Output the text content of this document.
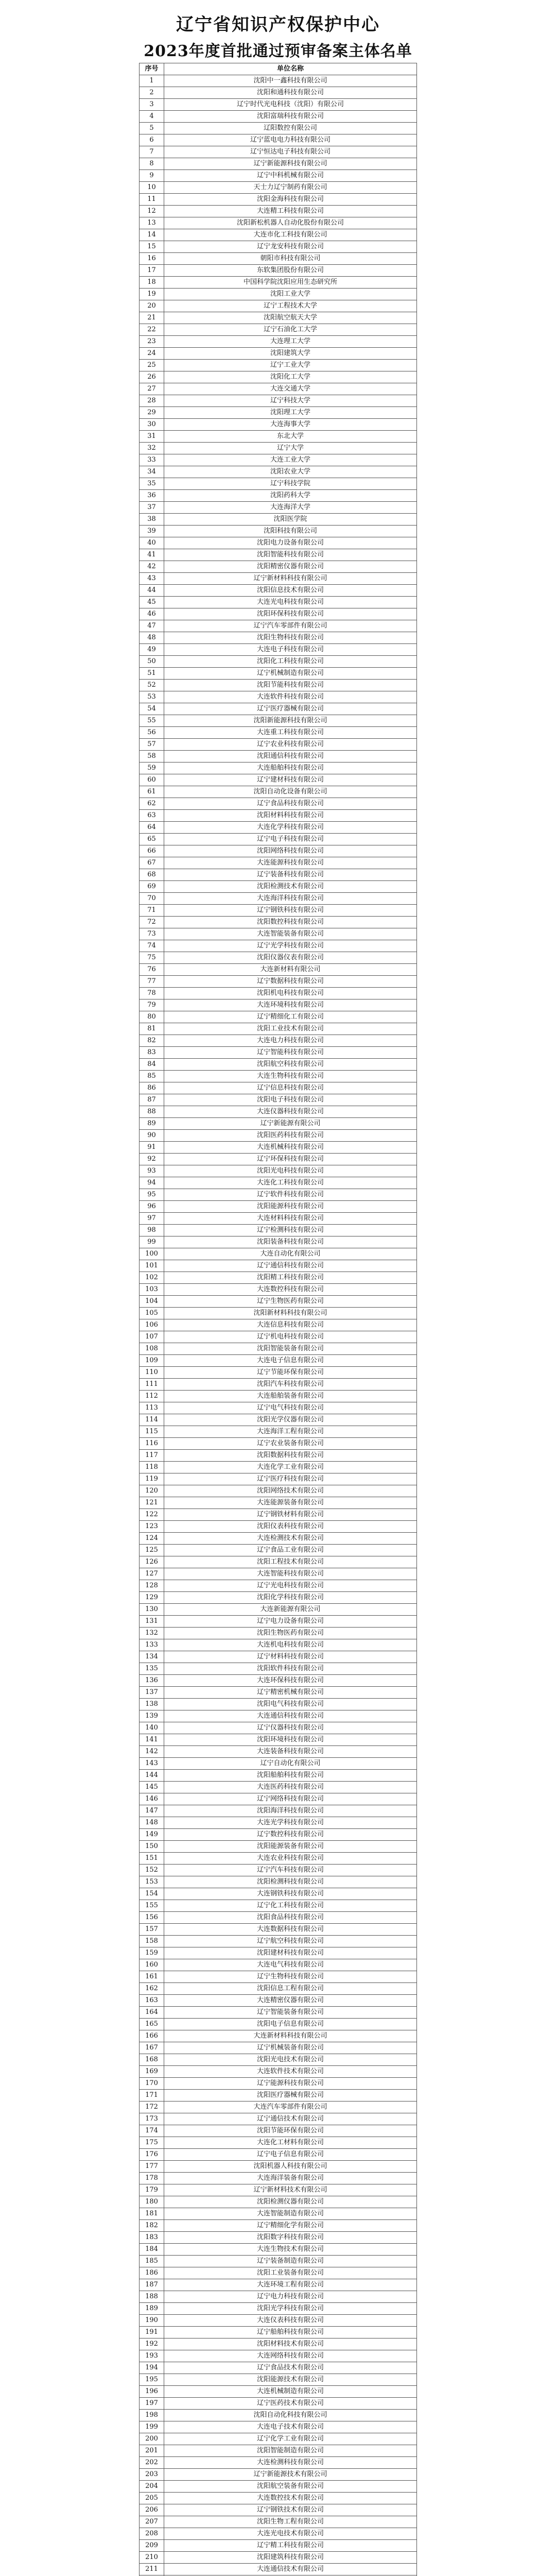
辽宁省知识产权保护中心
2023年度首批通过预审备案主体名单
序号	单位名称
1	沈阳中一鑫科技有限公司
2	沈阳和通科技有限公司
3	辽宁时代光电科技（沈阳）有限公司
4	沈阳富瑞科技有限公司
5	辽阳数控有限公司
6	辽宁蓝电电力科技有限公司
7	辽宁恒达电子科技有限公司
8	辽宁新能源科技有限公司
9	辽宁中科机械有限公司
10	天士力辽宁制药有限公司
11	沈阳金海科技有限公司
12	大连精工科技有限公司
13	沈阳新松机器人自动化股份有限公司
14	大连市化工科技有限公司
15	辽宁龙安科技有限公司
16	朝阳市科技有限公司
17	东软集团股份有限公司
18	中国科学院沈阳应用生态研究所
19	沈阳工业大学
20	辽宁工程技术大学
21	沈阳航空航天大学
22	辽宁石油化工大学
23	大连理工大学
24	沈阳建筑大学
25	辽宁工业大学
26	沈阳化工大学
27	大连交通大学
28	辽宁科技大学
29	沈阳理工大学
30	大连海事大学
31	东北大学
32	辽宁大学
33	大连工业大学
34	沈阳农业大学
35	辽宁科技学院
36	沈阳药科大学
37	大连海洋大学
38	沈阳医学院
39	沈阳科技有限公司
40	沈阳电力设备有限公司
41	沈阳智能科技有限公司
42	沈阳精密仪器有限公司
43	辽宁新材料科技有限公司
44	沈阳信息技术有限公司
45	大连光电科技有限公司
46	沈阳环保科技有限公司
47	辽宁汽车零部件有限公司
48	沈阳生物科技有限公司
49	大连电子科技有限公司
50	沈阳化工科技有限公司
51	辽宁机械制造有限公司
52	沈阳节能科技有限公司
53	大连软件科技有限公司
54	辽宁医疗器械有限公司
55	沈阳新能源科技有限公司
56	大连重工科技有限公司
57	辽宁农业科技有限公司
58	沈阳通信科技有限公司
59	大连船舶科技有限公司
60	辽宁建材科技有限公司
61	沈阳自动化设备有限公司
62	辽宁食品科技有限公司
63	沈阳材料科技有限公司
64	大连化学科技有限公司
65	辽宁电子科技有限公司
66	沈阳网络科技有限公司
67	大连能源科技有限公司
68	辽宁装备科技有限公司
69	沈阳检测技术有限公司
70	大连海洋科技有限公司
71	辽宁钢铁科技有限公司
72	沈阳数控科技有限公司
73	大连智能装备有限公司
74	辽宁光学科技有限公司
75	沈阳仪器仪表有限公司
76	大连新材料有限公司
77	辽宁数据科技有限公司
78	沈阳机电科技有限公司
79	大连环境科技有限公司
80	辽宁精细化工有限公司
81	沈阳工业技术有限公司
82	大连电力科技有限公司
83	辽宁智能科技有限公司
84	沈阳航空科技有限公司
85	大连生物科技有限公司
86	辽宁信息科技有限公司
87	沈阳电子科技有限公司
88	大连仪器科技有限公司
89	辽宁新能源有限公司
90	沈阳医药科技有限公司
91	大连机械科技有限公司
92	辽宁环保科技有限公司
93	沈阳光电科技有限公司
94	大连化工科技有限公司
95	辽宁软件科技有限公司
96	沈阳能源科技有限公司
97	大连材料科技有限公司
98	辽宁检测科技有限公司
99	沈阳装备科技有限公司
100	大连自动化有限公司
101	辽宁通信科技有限公司
102	沈阳精工科技有限公司
103	大连数控科技有限公司
104	辽宁生物医药有限公司
105	沈阳新材料科技有限公司
106	大连信息科技有限公司
107	辽宁机电科技有限公司
108	沈阳智能装备有限公司
109	大连电子信息有限公司
110	辽宁节能环保有限公司
111	沈阳汽车科技有限公司
112	大连船舶装备有限公司
113	辽宁电气科技有限公司
114	沈阳光学仪器有限公司
115	大连海洋工程有限公司
116	辽宁农业装备有限公司
117	沈阳数据科技有限公司
118	大连化学工业有限公司
119	辽宁医疗科技有限公司
120	沈阳网络技术有限公司
121	大连能源装备有限公司
122	辽宁钢铁材料有限公司
123	沈阳仪表科技有限公司
124	大连检测技术有限公司
125	辽宁食品工业有限公司
126	沈阳工程技术有限公司
127	大连智能科技有限公司
128	辽宁光电科技有限公司
129	沈阳化学科技有限公司
130	大连新能源有限公司
131	辽宁电力设备有限公司
132	沈阳生物医药有限公司
133	大连机电科技有限公司
134	辽宁材料科技有限公司
135	沈阳软件科技有限公司
136	大连环保科技有限公司
137	辽宁精密机械有限公司
138	沈阳电气科技有限公司
139	大连通信科技有限公司
140	辽宁仪器科技有限公司
141	沈阳环境科技有限公司
142	大连装备科技有限公司
143	辽宁自动化有限公司
144	沈阳船舶科技有限公司
145	大连医药科技有限公司
146	辽宁网络科技有限公司
147	沈阳海洋科技有限公司
148	大连光学科技有限公司
149	辽宁数控科技有限公司
150	沈阳能源装备有限公司
151	大连农业科技有限公司
152	辽宁汽车科技有限公司
153	沈阳检测科技有限公司
154	大连钢铁科技有限公司
155	辽宁化工科技有限公司
156	沈阳食品科技有限公司
157	大连数据科技有限公司
158	辽宁航空科技有限公司
159	沈阳建材科技有限公司
160	大连电气科技有限公司
161	辽宁生物科技有限公司
162	沈阳信息工程有限公司
163	大连精密仪器有限公司
164	辽宁智能装备有限公司
165	沈阳电子信息有限公司
166	大连新材料科技有限公司
167	辽宁机械装备有限公司
168	沈阳光电技术有限公司
169	大连软件技术有限公司
170	辽宁能源科技有限公司
171	沈阳医疗器械有限公司
172	大连汽车零部件有限公司
173	辽宁通信技术有限公司
174	沈阳节能环保有限公司
175	大连化工材料有限公司
176	辽宁电子信息有限公司
177	沈阳机器人科技有限公司
178	大连海洋装备有限公司
179	辽宁新材料技术有限公司
180	沈阳检测仪器有限公司
181	大连智能制造有限公司
182	辽宁精细化学有限公司
183	沈阳数字科技有限公司
184	大连生物技术有限公司
185	辽宁装备制造有限公司
186	沈阳工业装备有限公司
187	大连环境工程有限公司
188	辽宁电力科技有限公司
189	沈阳光学科技有限公司
190	大连仪表科技有限公司
191	辽宁船舶科技有限公司
192	沈阳材料技术有限公司
193	大连网络科技有限公司
194	辽宁食品技术有限公司
195	沈阳能源技术有限公司
196	大连机械制造有限公司
197	辽宁医药技术有限公司
198	沈阳自动化科技有限公司
199	大连电子技术有限公司
200	辽宁化学工业有限公司
201	沈阳智能制造有限公司
202	大连检测科技有限公司
203	辽宁新能源技术有限公司
204	沈阳航空装备有限公司
205	大连数控技术有限公司
206	辽宁钢铁技术有限公司
207	沈阳生物工程有限公司
208	大连光电技术有限公司
209	辽宁精工科技有限公司
210	沈阳建筑科技有限公司
211	大连通信技术有限公司
